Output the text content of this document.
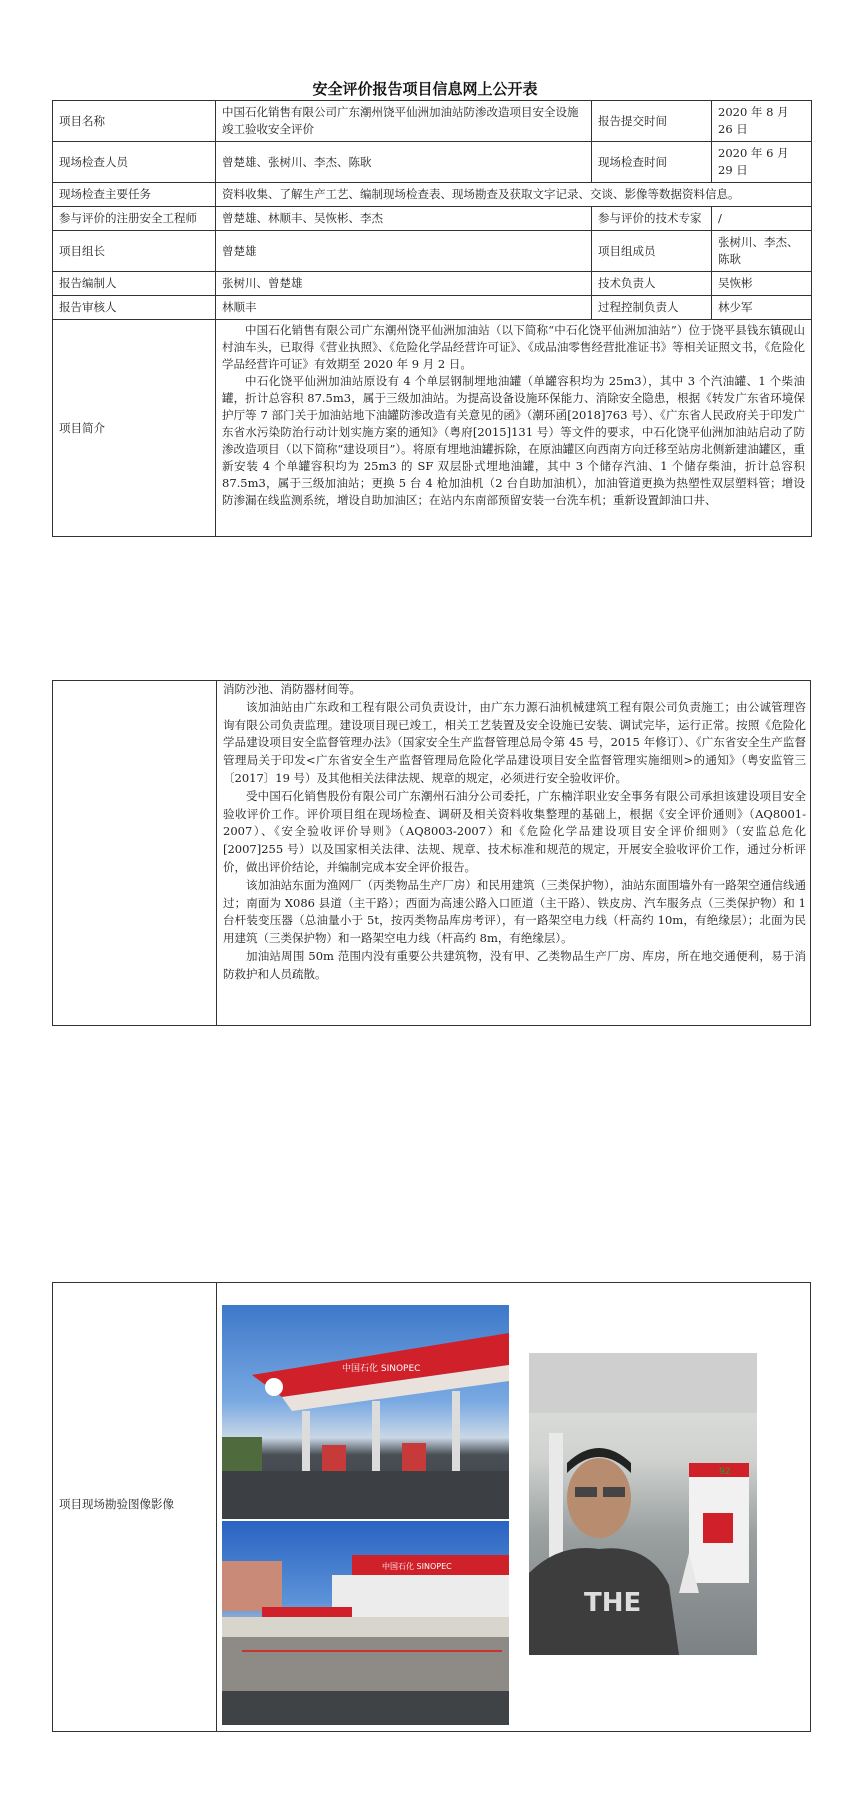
安全评价报告项目信息网上公开表
项目名称	中国石化销售有限公司广东潮州饶平仙洲加油站防渗改造项目安全设施竣工验收安全评价	报告提交时间	2020 年 8 月 26 日
现场检查人员	曾楚雄、张树川、李杰、陈耿	现场检查时间	2020 年 6 月 29 日
现场检查主要任务	资料收集、了解生产工艺、编制现场检查表、现场勘查及获取文字记录、交谈、影像等数据资料信息。		
参与评价的注册安全工程师	曾楚雄、林顺丰、吴恢彬、李杰	参与评价的技术专家	/
项目组长	曾楚雄	项目组成员	张树川、李杰、陈耿
报告编制人	张树川、曾楚雄	技术负责人	吴恢彬
报告审核人	林顺丰	过程控制负责人	林少军
项目简介	中国石化销售有限公司广东潮州饶平仙洲加油站（以下简称“中石化饶平仙洲加油站”）位于饶平县钱东镇砚山村油车头，已取得《营业执照》、《危险化学品经营许可证》、《成品油零售经营批准证书》等相关证照文书，《危险化学品经营许可证》有效期至 2020 年 9 月 2 日。

中石化饶平仙洲加油站原设有 4 个单层钢制埋地油罐（单罐容积均为 25m3），其中 3 个汽油罐、1 个柴油罐，折计总容积 87.5m3，属于三级加油站。为提高设备设施环保能力、消除安全隐患，根据《转发广东省环境保护厅等 7 部门关于加油站地下油罐防渗改造有关意见的函》（潮环函[2018]763 号）、《广东省人民政府关于印发广东省水污染防治行动计划实施方案的通知》（粤府[2015]131 号）等文件的要求，中石化饶平仙洲加油站启动了防渗改造项目（以下简称“建设项目”）。将原有埋地油罐拆除，在原油罐区向西南方向迁移至站房北侧新建油罐区，重新安装 4 个单罐容积均为 25m3 的 SF 双层卧式埋地油罐，其中 3 个储存汽油、1 个储存柴油，折计总容积 87.5m3，属于三级加油站；更换 5 台 4 枪加油机（2 台自助加油机），加油管道更换为热塑性双层塑料管；增设防渗漏在线监测系统，增设自助加油区；在站内东南部预留安装一台洗车机；重新设置卸油口井、		

消防沙池、消防器材间等。

该加油站由广东政和工程有限公司负责设计，由广东力源石油机械建筑工程有限公司负责施工；由公诚管理咨询有限公司负责监理。建设项目现已竣工，相关工艺装置及安全设施已安装、调试完毕，运行正常。按照《危险化学品建设项目安全监督管理办法》（国家安全生产监督管理总局令第 45 号，2015 年修订）、《广东省安全生产监督管理局关于印发<广东省安全生产监督管理局危险化学品建设项目安全监督管理实施细则>的通知》（粤安监管三〔2017〕19 号）及其他相关法律法规、规章的规定，必须进行安全验收评价。

受中国石化销售股份有限公司广东潮州石油分公司委托，广东楠洋职业安全事务有限公司承担该建设项目安全验收评价工作。评价项目组在现场检查、调研及相关资料收集整理的基础上，根据《安全评价通则》（AQ8001-2007）、《安全验收评价导则》（AQ8003-2007）和《危险化学品建设项目安全评价细则》（安监总危化[2007]255 号）以及国家相关法律、法规、规章、技术标准和规范的规定，开展安全验收评价工作，通过分析评价，做出评价结论，并编制完成本安全评价报告。

该加油站东面为渔网厂（丙类物品生产厂房）和民用建筑（三类保护物），油站东面围墙外有一路架空通信线通过；南面为 X086 县道（主干路）；西面为高速公路入口匝道（主干路）、铁皮房、汽车服务点（三类保护物）和 1 台杆装变压器（总油量小于 5t，按丙类物品库房考评），有一路架空电力线（杆高约 10m，有绝缘层）；北面为民用建筑（三类保护物）和一路架空电力线（杆高约 8m，有绝缘层）。

加油站周围 50m 范围内没有重要公共建筑物，没有甲、乙类物品生产厂房、库房，所在地交通便利，易于消防救护和人员疏散。

项目现场勘验图像影像
中国石化 SINOPEC
中国石化 SINOPEC
92
THE
